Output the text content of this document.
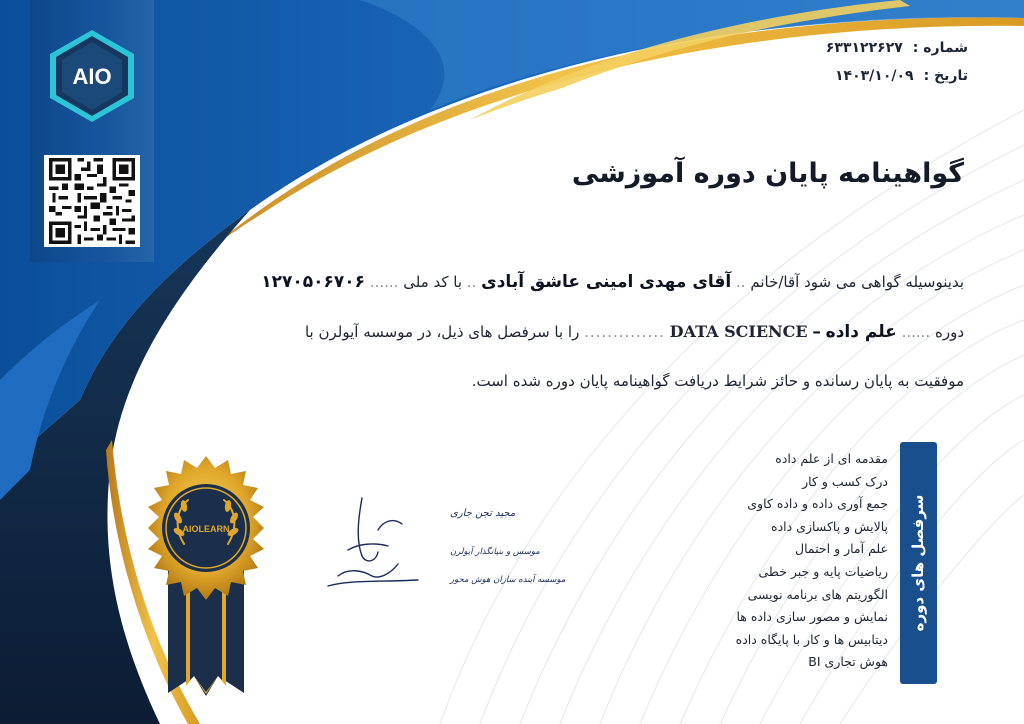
AIO
شماره :
۶۳۳۱۲۲۶۲۷
تاریخ :
۱۴۰۳/۱۰/۰۹
گواهینامه پایان دوره آموزشی
بدینوسیله گواهی می شود آقا/خانم .. آقای مهدی امینی عاشق آبادی .. با کد ملی ...... ۱۲۷۰۵۰۶۷۰۶
دوره ...... علم داده – DATA SCIENCE .............. را با سرفصل های ذیل، در موسسه آیولرن با
موفقیت به پایان رسانده و حائز شرایط دریافت گواهینامه پایان دوره شده است.
سرفصل های دوره
مقدمه ای از علم داده
درک کسب و کار
جمع آوری داده و داده کاوی
پالایش و پاکسازی داده
علم آمار و احتمال
ریاضیات پایه و جبر خطی
الگوریتم های برنامه نویسی
نمایش و مصور سازی داده ها
دیتابیس ها و کار با پایگاه داده
هوش تجاری BI
مجید تجن جاری
موسس و بنیانگذار آیولرن
موسسه آینده سازان هوش محور
AIOLEARN
